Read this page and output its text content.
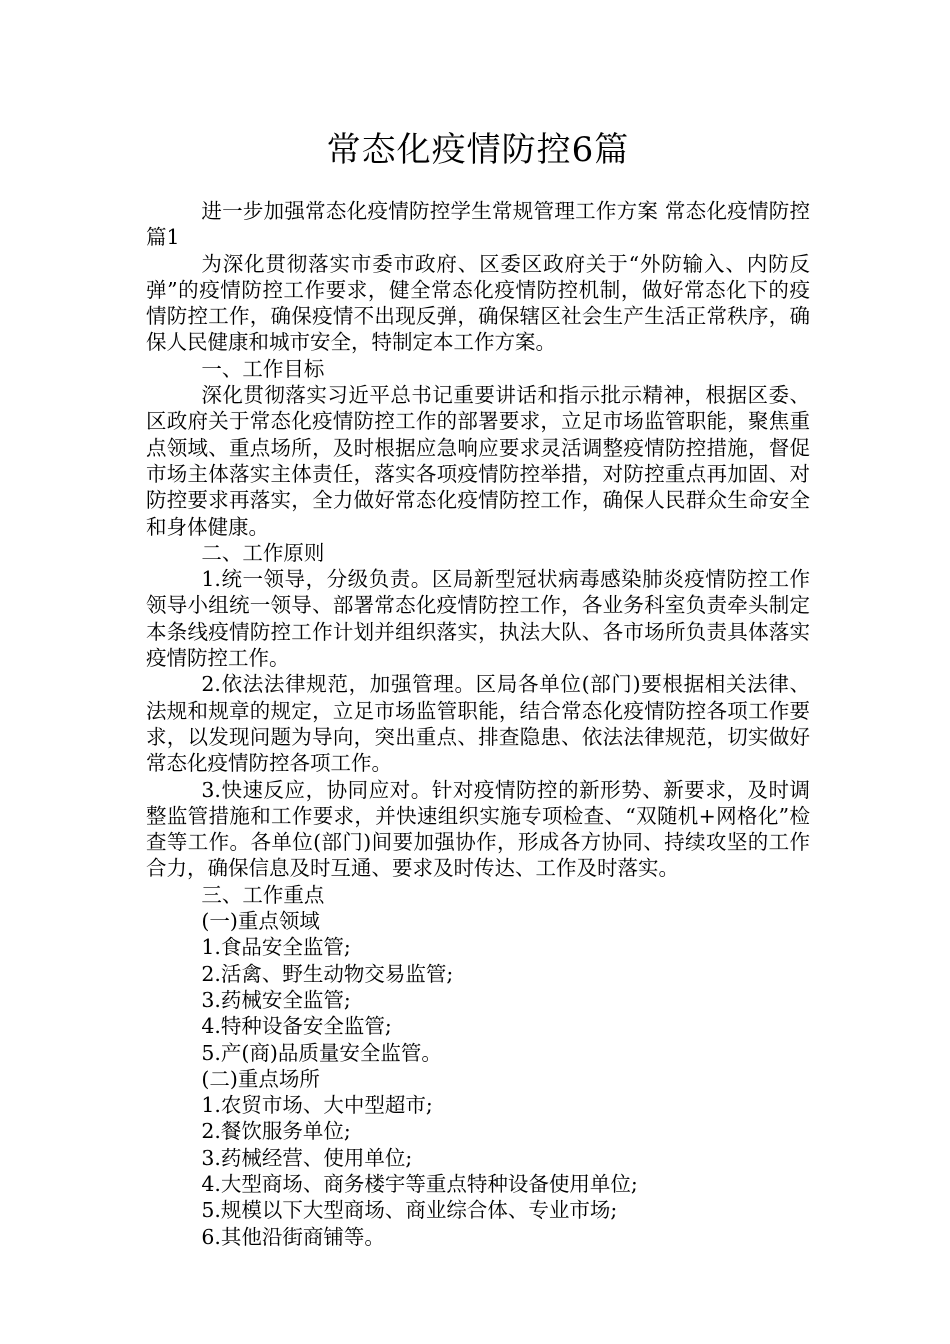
常态化疫情防控6篇

进一步加强常态化疫情防控学生常规管理工作方案 常态化疫情防控篇1

为深化贯彻落实市委市政府、区委区政府关于“外防输入、内防反弹”的疫情防控工作要求，健全常态化疫情防控机制，做好常态化下的疫情防控工作，确保疫情不出现反弹，确保辖区社会生产生活正常秩序，确保人民健康和城市安全，特制定本工作方案。

一、工作目标

深化贯彻落实习近平总书记重要讲话和指示批示精神，根据区委、区政府关于常态化疫情防控工作的部署要求，立足市场监管职能，聚焦重点领域、重点场所，及时根据应急响应要求灵活调整疫情防控措施，督促市场主体落实主体责任，落实各项疫情防控举措，对防控重点再加固、对防控要求再落实，全力做好常态化疫情防控工作，确保人民群众生命安全和身体健康。

二、工作原则

1.统一领导，分级负责。区局新型冠状病毒感染肺炎疫情防控工作领导小组统一领导、部署常态化疫情防控工作，各业务科室负责牵头制定本条线疫情防控工作计划并组织落实，执法大队、各市场所负责具体落实疫情防控工作。

2.依法法律规范，加强管理。区局各单位(部门)要根据相关法律、法规和规章的规定，立足市场监管职能，结合常态化疫情防控各项工作要求，以发现问题为导向，突出重点、排查隐患、依法法律规范，切实做好常态化疫情防控各项工作。

3.快速反应，协同应对。针对疫情防控的新形势、新要求，及时调整监管措施和工作要求，并快速组织实施专项检查、“双随机+网格化”检查等工作。各单位(部门)间要加强协作，形成各方协同、持续攻坚的工作合力，确保信息及时互通、要求及时传达、工作及时落实。

三、工作重点

(一)重点领域

1.食品安全监管;

2.活禽、野生动物交易监管;

3.药械安全监管;

4.特种设备安全监管;

5.产(商)品质量安全监管。

(二)重点场所

1.农贸市场、大中型超市;

2.餐饮服务单位;

3.药械经营、使用单位;

4.大型商场、商务楼宇等重点特种设备使用单位;

5.规模以下大型商场、商业综合体、专业市场;

6.其他沿街商铺等。
